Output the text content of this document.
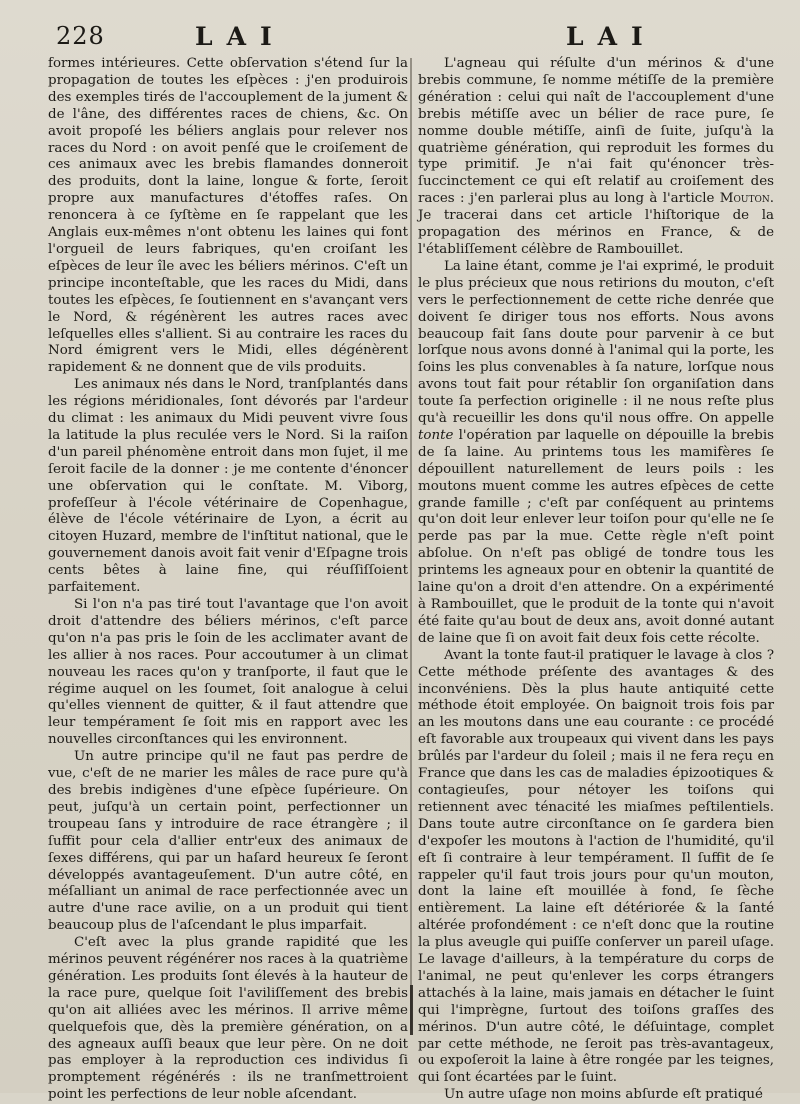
228	LAI	LAI

formes intérieures. Cette obſervation s'étend ſur la propagation de toutes les eſpèces : j'en produirois des exemples tirés de l'accouplement de la jument & de l'âne, des différentes races de chiens, &c. On avoit propoſé les béliers anglais pour relever nos races du Nord : on avoit penſé que le croiſement de ces animaux avec les brebis flamandes donneroit des produits, dont la laine, longue & forte, ſeroit propre aux manufactures d'étoffes raſes. On renoncera à ce ſyſtème en ſe rappelant que les Anglais eux-mêmes n'ont obtenu les laines qui font l'orgueil de leurs fabriques, qu'en croiſant les eſpèces de leur île avec les béliers mérinos. C'eſt un principe inconteſtable, que les races du Midi, dans toutes les eſpèces, ſe ſoutiennent en s'avançant vers le Nord, & régénèrent les autres races avec leſquelles elles s'allient. Si au contraire les races du Nord émigrent vers le Midi, elles dégénèrent rapidement & ne donnent que de vils produits.

Les animaux nés dans le Nord, tranſplantés dans les régions méridionales, ſont dévorés par l'ardeur du climat : les animaux du Midi peuvent vivre ſous la latitude la plus reculée vers le Nord. Si la raiſon d'un pareil phénomène entroit dans mon ſujet, il me ſeroit facile de la donner : je me contente d'énoncer une obſervation qui le conſtate. M. Viborg, profeſſeur à l'école vétérinaire de Copenhague, élève de l'école vétérinaire de Lyon, a écrit au citoyen Huzard, membre de l'inſtitut national, que le gouvernement danois avoit fait venir d'Eſpagne trois cents bêtes à laine fine, qui réuſſiſſoient parfaitement.

Si l'on n'a pas tiré tout l'avantage que l'on avoit droit d'attendre des béliers mérinos, c'eſt parce qu'on n'a pas pris le ſoin de les acclimater avant de les allier à nos races. Pour accoutumer à un climat nouveau les races qu'on y tranſporte, il faut que le régime auquel on les ſoumet, ſoit analogue à celui qu'elles viennent de quitter, & il faut attendre que leur tempérament ſe ſoit mis en rapport avec les nouvelles circonſtances qui les environnent.

Un autre principe qu'il ne faut pas perdre de vue, c'eſt de ne marier les mâles de race pure qu'à des brebis indigènes d'une eſpèce ſupérieure. On peut, juſqu'à un certain point, perfectionner un troupeau ſans y introduire de race étrangère ; il ſuffit pour cela d'allier entr'eux des animaux de ſexes différens, qui par un haſard heureux ſe ſeront développés avantageuſement. D'un autre côté, en méſalliant un animal de race perfectionnée avec un autre d'une race avilie, on a un produit qui tient beaucoup plus de l'aſcendant le plus imparfait.

C'eſt avec la plus grande rapidité que les mérinos peuvent régénérer nos races à la quatrième génération. Les produits ſont élevés à la hauteur de la race pure, quelque ſoit l'aviliſſement des brebis qu'on ait alliées avec les mérinos. Il arrive même quelquefois que, dès la première génération, on a des agneaux auſſi beaux que leur père. On ne doit pas employer à la reproduction ces individus ſi promptement régénérés : ils ne tranſmettroient point les perfections de leur noble aſcendant.

L'agneau qui réſulte d'un mérinos & d'une brebis commune, ſe nomme métiſſe de la première génération : celui qui naît de l'accouplement d'une brebis métiſſe avec un bélier de race pure, ſe nomme double métiſſe, ainſi de ſuite, juſqu'à la quatrième génération, qui reproduit les formes du type primitif. Je n'ai fait qu'énoncer très-ſuccinctement ce qui eſt relatif au croiſement des races : j'en parlerai plus au long à l'article Mouton. Je tracerai dans cet article l'hiſtorique de la propagation des mérinos en France, & de l'établiſſement célèbre de Rambouillet.

La laine étant, comme je l'ai exprimé, le produit le plus précieux que nous retirions du mouton, c'eſt vers le perfectionnement de cette riche denrée que doivent ſe diriger tous nos efforts. Nous avons beaucoup fait ſans doute pour parvenir à ce but lorſque nous avons donné à l'animal qui la porte, les ſoins les plus convenables à ſa nature, lorſque nous avons tout fait pour rétablir ſon organiſation dans toute ſa perfection originelle : il ne nous reſte plus qu'à recueillir les dons qu'il nous offre. On appelle tonte l'opération par laquelle on dépouille la brebis de ſa laine. Au printems tous les mamifères ſe dépouillent naturellement de leurs poils : les moutons muent comme les autres eſpèces de cette grande famille ; c'eſt par conſéquent au printems qu'on doit leur enlever leur toiſon pour qu'elle ne ſe perde pas par la mue. Cette règle n'eſt point abſolue. On n'eſt pas obligé de tondre tous les printems les agneaux pour en obtenir la quantité de laine qu'on a droit d'en attendre. On a expérimenté à Rambouillet, que le produit de la tonte qui n'avoit été faite qu'au bout de deux ans, avoit donné autant de laine que ſi on avoit fait deux fois cette récolte.

Avant la tonte faut-il pratiquer le lavage à clos ? Cette méthode préſente des avantages & des inconvéniens. Dès la plus haute antiquité cette méthode étoit employée. On baignoit trois fois par an les moutons dans une eau courante : ce procédé eſt favorable aux troupeaux qui vivent dans les pays brûlés par l'ardeur du ſoleil ; mais il ne fera reçu en France que dans les cas de maladies épizootiques & contagieuſes, pour nétoyer les toiſons qui retiennent avec ténacité les miaſmes peſtilentiels. Dans toute autre circonſtance on ſe gardera bien d'expoſer les moutons à l'action de l'humidité, qu'il eſt ſi contraire à leur tempérament. Il ſuffit de ſe rappeler qu'il faut trois jours pour qu'un mouton, dont la laine eſt mouillée à fond, ſe ſèche entièrement. La laine eſt détériorée & la ſanté altérée profondément : ce n'eſt donc que la routine la plus aveugle qui puiſſe conſerver un pareil uſage. Le lavage d'ailleurs, à la température du corps de l'animal, ne peut qu'enlever les corps étrangers attachés à la laine, mais jamais en détacher le ſuint qui l'imprègne, ſurtout des toiſons graſſes des mérinos. D'un autre côté, le déſuintage, complet par cette méthode, ne ſeroit pas très-avantageux, ou expoſeroit la laine à être rongée par les teignes, qui ſont écartées par le ſuint.

Un autre uſage non moins abſurde eſt pratiqué
